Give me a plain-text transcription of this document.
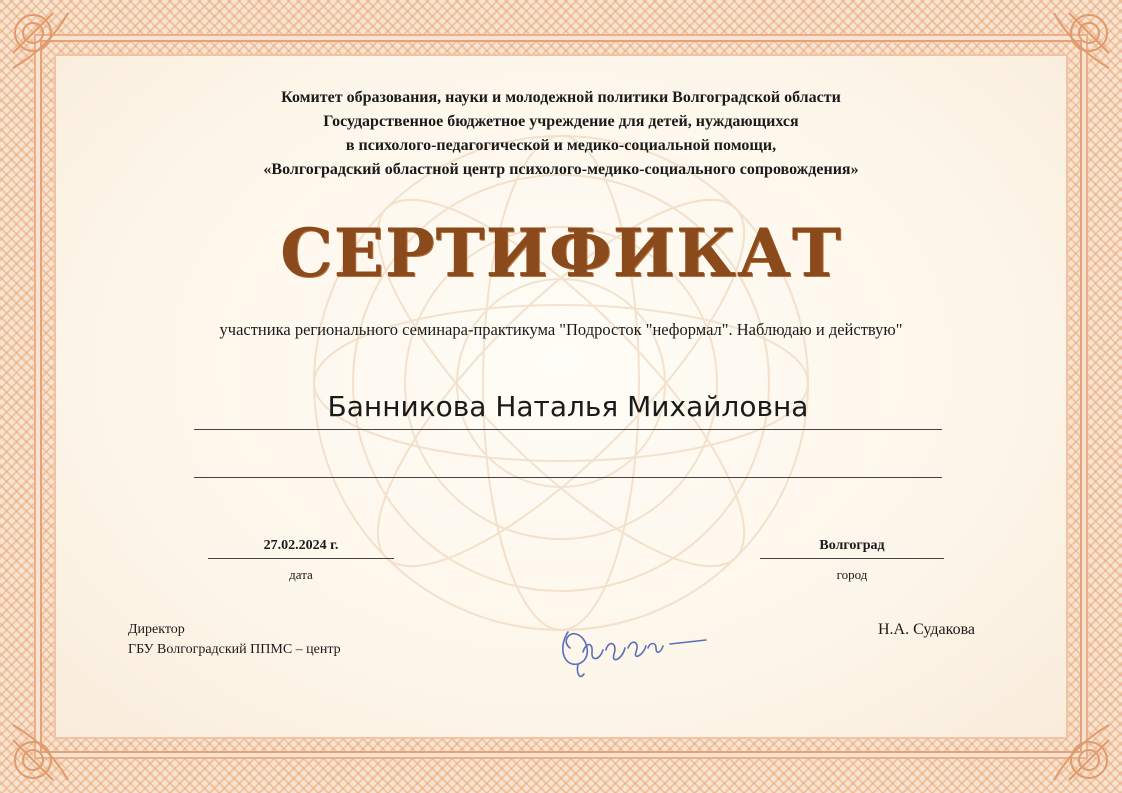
Комитет образования, науки и молодежной политики Волгоградской области
Государственное бюджетное учреждение для детей, нуждающихся
в психолого-педагогической и медико-социальной помощи,
«Волгоградский областной центр психолого-медико-социального сопровождения»
СЕРТИФИКАТ
участника регионального семинара-практикума "Подросток "неформал". Наблюдаю и действую"
Банникова Наталья Михайловна
27.02.2024 г.
дата
Волгоград
город
Директор
ГБУ Волгоградский ППМС – центр
Н.А. Судакова
